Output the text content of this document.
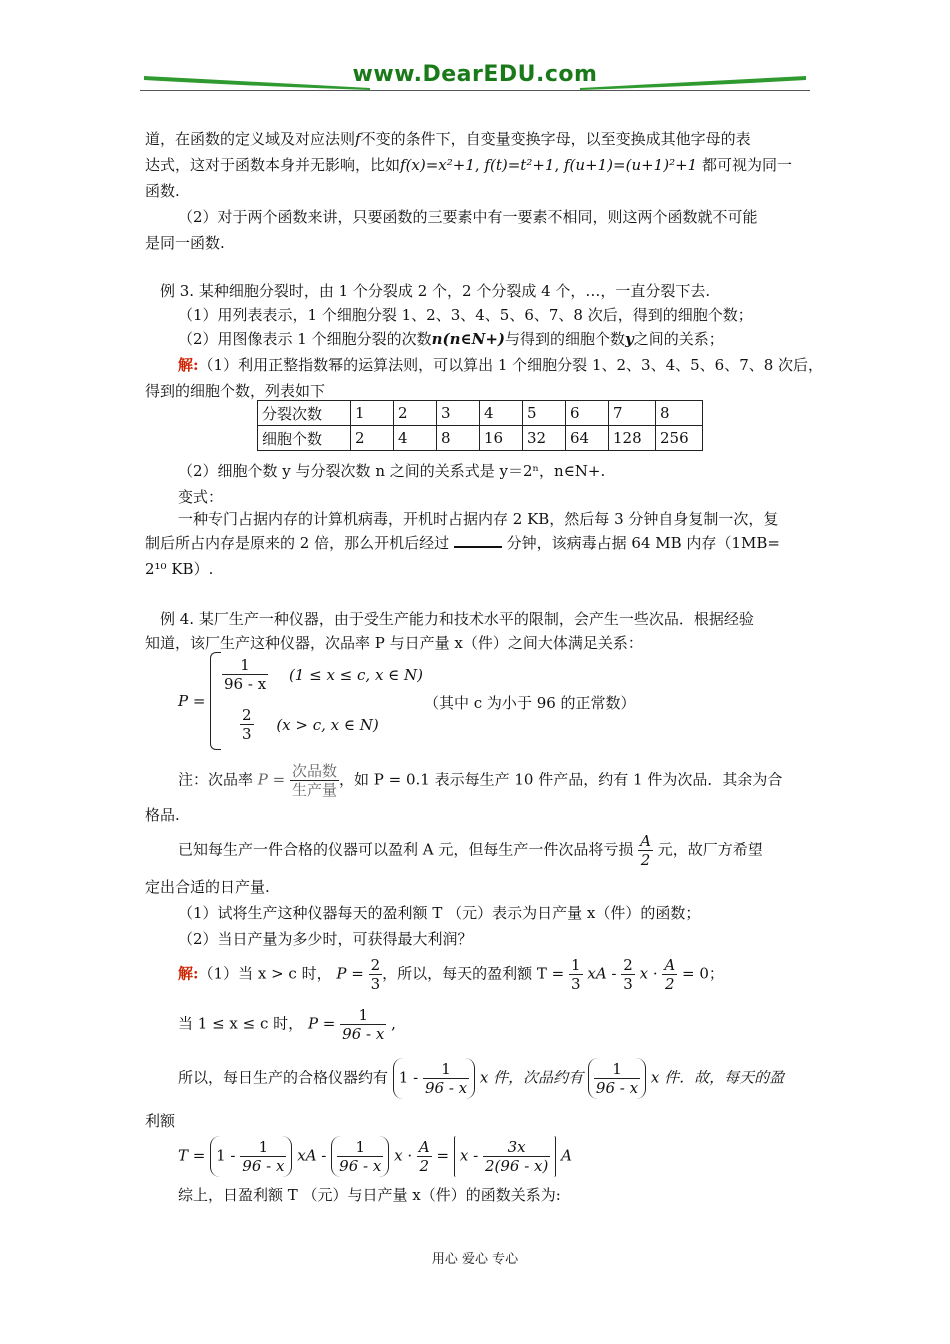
www.DearEDU.com
道，在函数的定义域及对应法则f不变的条件下，自变量变换字母，以至变换成其他字母的表
达式，这对于函数本身并无影响，比如f(x)=x²+1, f(t)=t²+1, f(u+1)=(u+1)²+1 都可视为同一
函数.
（2）对于两个函数来讲，只要函数的三要素中有一要素不相同，则这两个函数就不可能
是同一函数.
例 3. 某种细胞分裂时，由 1 个分裂成 2 个，2 个分裂成 4 个，…，一直分裂下去.
（1）用列表表示，1 个细胞分裂 1、2、3、4、5、6、7、8 次后，得到的细胞个数；
（2）用图像表示 1 个细胞分裂的次数n(n∈N+)与得到的细胞个数y之间的关系；
解:（1）利用正整指数幂的运算法则，可以算出 1 个细胞分裂 1、2、3、4、5、6、7、8 次后，
得到的细胞个数，列表如下
分裂次数	1	2	3	4	5	6	7	8
细胞个数	2	4	8	16	32	64	128	256
（2）细胞个数 y 与分裂次数 n 之间的关系式是 y＝2ⁿ，n∈N+.
变式：
一种专门占据内存的计算机病毒，开机时占据内存 2 KB，然后每 3 分钟自身复制一次，复
制后所占内存是原来的 2 倍，那么开机后经过	分钟，该病毒占据 64 MB 内存（1MB=
2¹⁰ KB）.
例 4. 某厂生产一种仪器，由于受生产能力和技术水平的限制，会产生一些次品．根据经验
知道，该厂生产这种仪器，次品率 P 与日产量 x（件）之间大体满足关系：
P =
$\frac{1}{96 - x} (1 \le x \le c$, x ∈ N)
$\frac{2}{3} (x > c$, x ∈ N)
（其中 c 为小于 96 的正常数）
注：次品率 $P = \frac{\text{次品数}}{\text{生产量}}$ ，如 P = 0.1 表示每生产 10 件产品，约有 1 件为次品．其余为合
格品.
已知每生产一件合格的仪器可以盈利 A 元，但每生产一件次品将亏损 $\frac{A}{2}$ 元，故厂方希望
定出合适的日产量.
（1）试将生产这种仪器每天的盈利额 T （元）表示为日产量 x（件）的函数；
（2）当日产量为多少时，可获得最大利润？
解:（1）当 x > c 时， $P = \frac{2}{3}$ ，所以，每天的盈利额 $T = \frac{1}{3}$ xA - $\frac{2}{3}$ $x \cdot \frac{A}{2} = 0$；
当 1 ≤ x ≤ c 时， $P = \frac{1}{96 - x}$ ,
所以，每日生产的合格仪器约有 $1 - \frac{1}{96 - x}$ x 件，次品约有 $\frac{1}{96 - x}$ x 件．故，每天的盈
利额
$T = 1 - \frac{1}{96 - x}$ xA - $\frac{1}{96 - x}$ $x \cdot \frac{A}{2} = x - \frac{3x}{2(96 - x)}$ A
综上，日盈利额 T （元）与日产量 x（件）的函数关系为:
用心 爱心 专心
